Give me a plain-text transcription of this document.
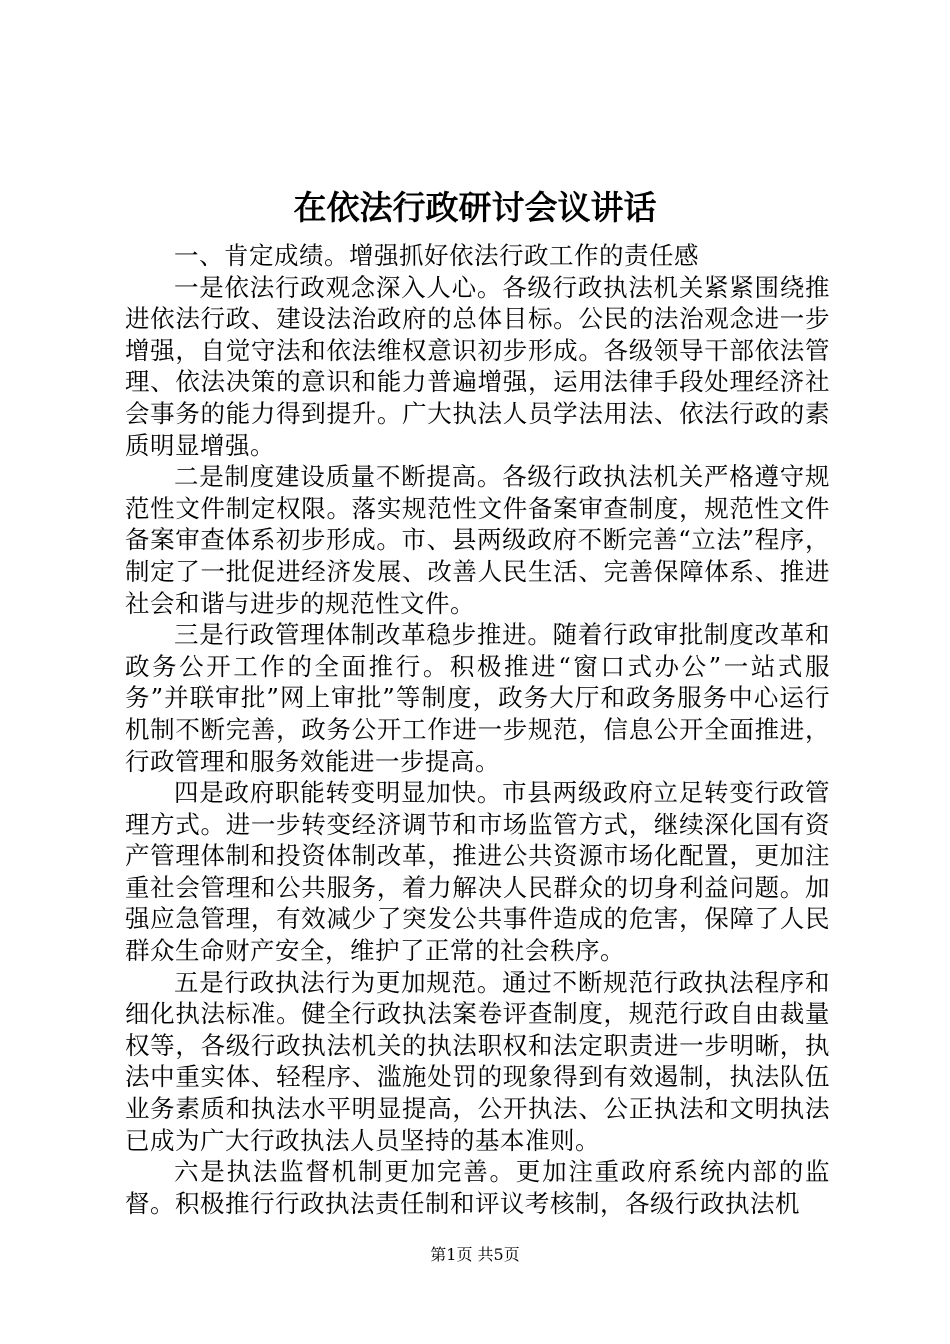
在依法行政研讨会议讲话

一、肯定成绩。增强抓好依法行政工作的责任感

一是依法行政观念深入人心。各级行政执法机关紧紧围绕推进依法行政、建设法治政府的总体目标。公民的法治观念进一步增强，自觉守法和依法维权意识初步形成。各级领导干部依法管理、依法决策的意识和能力普遍增强，运用法律手段处理经济社会事务的能力得到提升。广大执法人员学法用法、依法行政的素质明显增强。

二是制度建设质量不断提高。各级行政执法机关严格遵守规范性文件制定权限。落实规范性文件备案审查制度，规范性文件备案审查体系初步形成。市、县两级政府不断完善“立法”程序，制定了一批促进经济发展、改善人民生活、完善保障体系、推进社会和谐与进步的规范性文件。

三是行政管理体制改革稳步推进。随着行政审批制度改革和政务公开工作的全面推行。积极推进“窗口式办公”一站式服务”并联审批”网上审批”等制度，政务大厅和政务服务中心运行机制不断完善，政务公开工作进一步规范，信息公开全面推进，行政管理和服务效能进一步提高。

四是政府职能转变明显加快。市县两级政府立足转变行政管理方式。进一步转变经济调节和市场监管方式，继续深化国有资产管理体制和投资体制改革，推进公共资源市场化配置，更加注重社会管理和公共服务，着力解决人民群众的切身利益问题。加强应急管理，有效减少了突发公共事件造成的危害，保障了人民群众生命财产安全，维护了正常的社会秩序。

五是行政执法行为更加规范。通过不断规范行政执法程序和细化执法标准。健全行政执法案卷评查制度，规范行政自由裁量权等，各级行政执法机关的执法职权和法定职责进一步明晰，执法中重实体、轻程序、滥施处罚的现象得到有效遏制，执法队伍业务素质和执法水平明显提高，公开执法、公正执法和文明执法已成为广大行政执法人员坚持的基本准则。

六是执法监督机制更加完善。更加注重政府系统内部的监督。积极推行行政执法责任制和评议考核制，各级行政执法机

第1页 共5页
